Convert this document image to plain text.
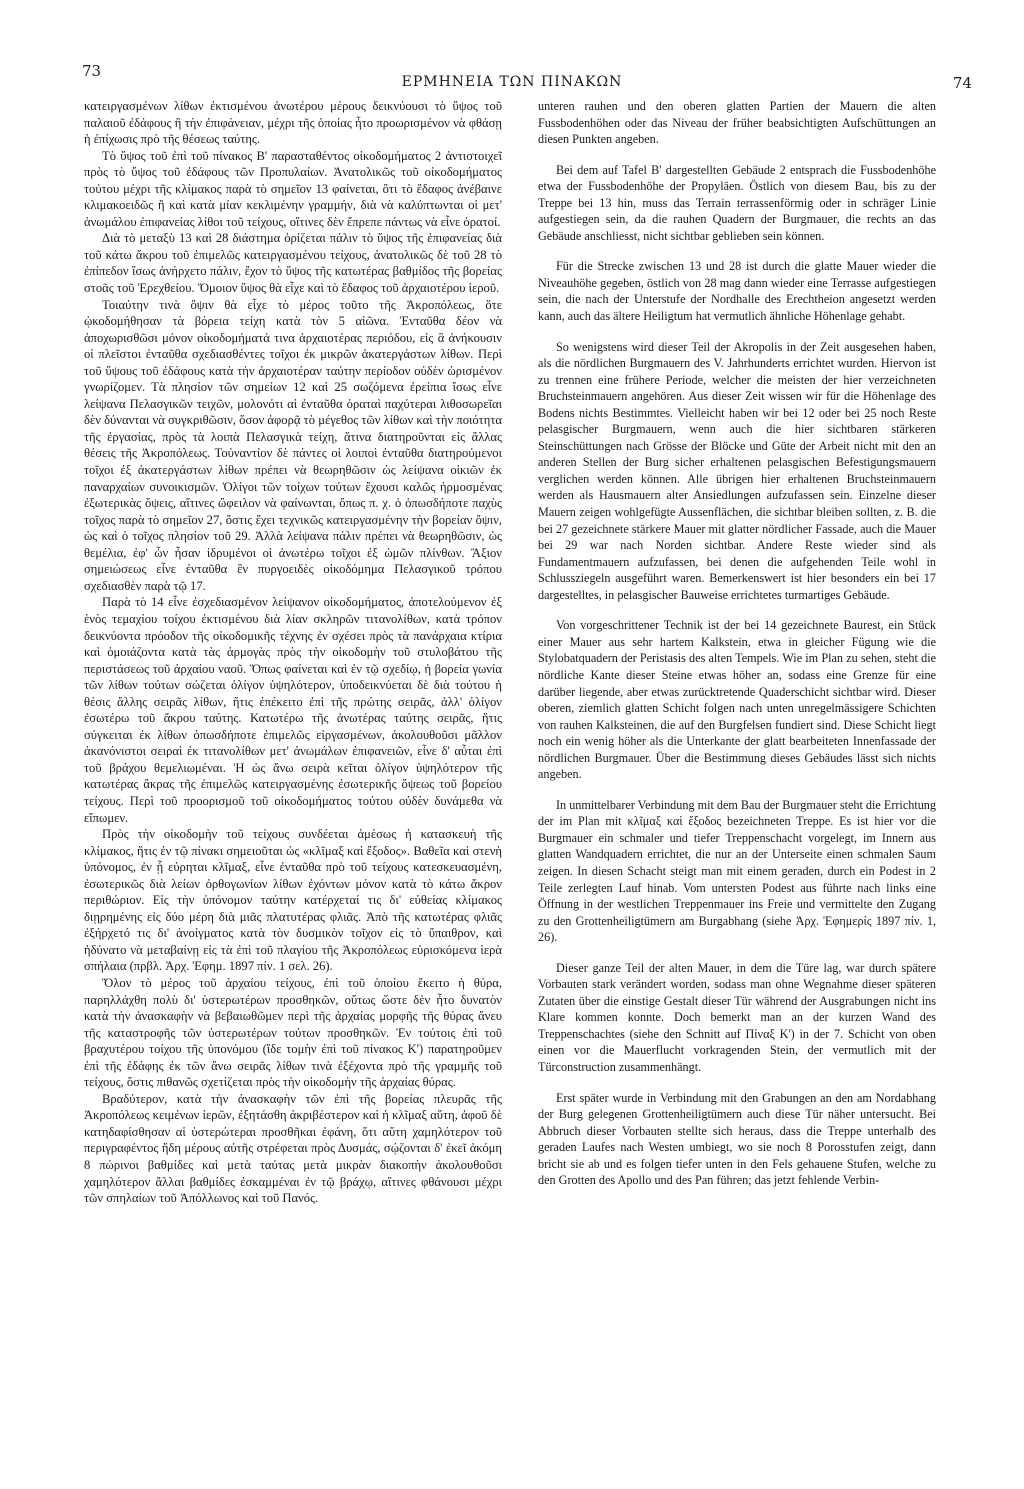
73
ΕΡΜΗΝΕΙΑ ΤΩΝ ΠΙΝΑΚΩΝ	74

κατειργασμένων λίθων ἐκτισμένου ἀνωτέρου μέρους δεικνύουσι τὸ ὕψος τοῦ παλαιοῦ ἐδάφους ἢ τὴν ἐπιφάνειαν, μέχρι τῆς ὁποίας ἦτο προωρισμένον νὰ φθάσῃ ἡ ἐπίχωσις πρὸ τῆς θέσεως ταύτης.

Τὸ ὕψος τοῦ ἐπὶ τοῦ πίνακος Β' παρασταθέντος οἰκοδομήματος 2 ἀντιστοιχεῖ πρὸς τὸ ὕψος τοῦ ἐδάφους τῶν Προπυλαίων. Ἀνατολικῶς τοῦ οἰκοδομήματος τούτου μέχρι τῆς κλίμακος παρὰ τὸ σημεῖον 13 φαίνεται, ὅτι τὸ ἔδαφος ἀνέβαινε κλιμακοειδῶς ἢ καὶ κατὰ μίαν κεκλιμένην γραμμήν, διὰ νὰ καλύπτωνται οἱ μετ' ἀνωμάλου ἐπιφανείας λίθοι τοῦ τείχους, οἵτινες δὲν ἔπρεπε πάντως νὰ εἶνε ὁρατοί.

Διὰ τὸ μεταξὺ 13 καὶ 28 διάστημα ὁρίζεται πάλιν τὸ ὕψος τῆς ἐπιφανείας διὰ τοῦ κάτω ἄκρου τοῦ ἐπιμελῶς κατειργασμένου τείχους, ἀνατολικῶς δὲ τοῦ 28 τὸ ἐπίπεδον ἴσως ἀνήρχετο πάλιν, ἔχον τὸ ὕψος τῆς κατωτέρας βαθμίδος τῆς βορείας στοᾶς τοῦ Ἐρεχθείου. Ὅμοιον ὕψος θὰ εἶχε καὶ τὸ ἔδαφος τοῦ ἀρχαιοτέρου ἱεροῦ.

Τοιαύτην τινὰ ὄψιν θὰ εἶχε τὸ μέρος τοῦτο τῆς Ἀκροπόλεως, ὅτε ᾠκοδομήθησαν τὰ βόρεια τείχη κατὰ τὸν 5 αἰῶνα. Ἐνταῦθα δέον νὰ ἀποχωρισθῶσι μόνον οἰκοδομήματά τινα ἀρχαιοτέρας περιόδου, εἰς ἃ ἀνήκουσιν οἱ πλεῖστοι ἐνταῦθα σχεδιασθέντες τοῖχοι ἐκ μικρῶν ἀκατεργάστων λίθων. Περὶ τοῦ ὕψους τοῦ ἐδάφους κατὰ τὴν ἀρχαιοτέραν ταύτην περίοδον οὐδὲν ὡρισμένον γνωρίζομεν. Τὰ πλησίον τῶν σημείων 12 καὶ 25 σωζόμενα ἐρείπια ἴσως εἶνε λείψανα Πελασγικῶν τειχῶν, μολονότι αἱ ἐνταῦθα ὁραταὶ παχύτεραι λιθοσωρεῖαι δὲν δύνανται νὰ συγκριθῶσιν, ὅσον ἀφορᾷ τὸ μέγεθος τῶν λίθων καὶ τὴν ποιότητα τῆς ἐργασίας, πρὸς τὰ λοιπὰ Πελασγικὰ τείχη, ἅτινα διατηροῦνται εἰς ἄλλας θέσεις τῆς Ἀκροπόλεως. Τοὐναντίον δὲ πάντες οἱ λοιποὶ ἐνταῦθα διατηρούμενοι τοῖχοι ἐξ ἀκατεργάστων λίθων πρέπει νὰ θεωρηθῶσιν ὡς λείψανα οἰκιῶν ἐκ παναρχαίων συνοικισμῶν. Ὀλίγοι τῶν τοίχων τούτων ἔχουσι καλῶς ἡρμοσμένας ἐξωτερικὰς ὄψεις, αἵτινες ὤφειλον νὰ φαίνωνται, ὅπως π. χ. ὁ ὁπωσδήποτε παχὺς τοῖχος παρὰ τὸ σημεῖον 27, ὅστις ἔχει τεχνικῶς κατειργασμένην τὴν βορείαν ὄψιν, ὡς καὶ ὁ τοῖχος πλησίον τοῦ 29. Ἀλλὰ λείψανα πάλιν πρέπει νὰ θεωρηθῶσιν, ὡς θεμέλια, ἐφ' ὧν ἦσαν ἱδρυμένοι οἱ ἀνωτέρω τοῖχοι ἐξ ὠμῶν πλίνθων. Ἄξιον σημειώσεως εἶνε ἐνταῦθα ἓν πυργοειδὲς οἰκοδόμημα Πελασγικοῦ τρόπου σχεδιασθὲν παρὰ τῷ 17.

Παρὰ τὸ 14 εἶνε ἐσχεδιασμένον λείψανον οἰκοδομήματος, ἀποτελούμενον ἐξ ἑνὸς τεμαχίου τοίχου ἐκτισμένου διὰ λίαν σκληρῶν τιτανολίθων, κατὰ τρόπον δεικνύοντα πρόοδον τῆς οἰκοδομικῆς τέχνης ἐν σχέσει πρὸς τὰ πανάρχαια κτίρια καὶ ὁμοιάζοντα κατὰ τὰς ἁρμογὰς πρὸς τὴν οἰκοδομὴν τοῦ στυλοβάτου τῆς περιστάσεως τοῦ ἀρχαίου ναοῦ. Ὅπως φαίνεται καὶ ἐν τῷ σχεδίῳ, ἡ βορεία γωνία τῶν λίθων τούτων σώζεται ὀλίγον ὑψηλότερον, ὑποδεικνύεται δὲ διὰ τούτου ἡ θέσις ἄλλης σειρᾶς λίθων, ἥτις ἐπέκειτο ἐπὶ τῆς πρώτης σειρᾶς, ἀλλ' ὀλίγον ἐσωτέρω τοῦ ἄκρου ταύτης. Κατωτέρω τῆς ἀνωτέρας ταύτης σειρᾶς, ἥτις σύγκειται ἐκ λίθων ὁπωσδήποτε ἐπιμελῶς εἰργασμένων, ἀκολουθοῦσι μᾶλλον ἀκανόνιστοι σειραὶ ἐκ τιτανολίθων μετ' ἀνωμάλων ἐπιφανειῶν, εἶνε δ' αὗται ἐπὶ τοῦ βράχου θεμελιωμέναι. Ἡ ὡς ἄνω σειρὰ κεῖται ὀλίγον ὑψηλότερον τῆς κατωτέρας ἄκρας τῆς ἐπιμελῶς κατειργασμένης ἐσωτερικῆς ὄψεως τοῦ βορείου τείχους. Περὶ τοῦ προορισμοῦ τοῦ οἰκοδομήματος τούτου οὐδὲν δυνάμεθα νὰ εἴπωμεν.

Πρὸς τὴν οἰκοδομὴν τοῦ τείχους συνδέεται ἀμέσως ἡ κατασκευὴ τῆς κλίμακος, ἥτις ἐν τῷ πίνακι σημειοῦται ὡς «κλῖμαξ καὶ ἔξοδος». Βαθεῖα καὶ στενὴ ὑπόνομος, ἐν ᾗ εὑρηται κλῖμαξ, εἶνε ἐνταῦθα πρὸ τοῦ τείχους κατεσκευασμένη, ἐσωτερικῶς διὰ λείων ὀρθογωνίων λίθων ἐχόντων μόνον κατὰ τὸ κάτω ἄκρον περιθώριον. Εἰς τὴν ὑπόνομον ταύτην κατέρχεταί τις δι' εὐθείας κλίμακος διῃρημένης εἰς δύο μέρη διὰ μιᾶς πλατυτέρας φλιᾶς. Ἀπὸ τῆς κατωτέρας φλιᾶς ἐξήρχετό τις δι' ἀνοίγματος κατὰ τὸν δυσμικὸν τοῖχον εἰς τὸ ὕπαιθρον, καὶ ἠδύνατο νὰ μεταβαίνῃ εἰς τὰ ἐπὶ τοῦ πλαγίου τῆς Ἀκροπόλεως εὑρισκόμενα ἱερὰ σπήλαια (πρβλ. Ἀρχ. Ἐφημ. 1897 πίν. 1 σελ. 26).

Ὅλον τὸ μέρος τοῦ ἀρχαίου τείχους, ἐπὶ τοῦ ὁποίου ἔκειτο ἡ θύρα, παρηλλάχθη πολὺ δι' ὑστερωτέρων προσθηκῶν, οὕτως ὥστε δὲν ἦτο δυνατὸν κατὰ τὴν ἀνασκαφὴν νὰ βεβαιωθῶμεν περὶ τῆς ἀρχαίας μορφῆς τῆς θύρας ἄνευ τῆς καταστροφῆς τῶν ὑστερωτέρων τούτων προσθηκῶν. Ἐν τούτοις ἐπὶ τοῦ βραχυτέρου τοίχου τῆς ὑπονόμου (ἴδε τομὴν ἐπὶ τοῦ πίνακος Κ') παρατηροῦμεν ἐπὶ τῆς ἐδάφης ἐκ τῶν ἄνω σειρᾶς λίθων τινὰ ἐξέχοντα πρὸ τῆς γραμμῆς τοῦ τείχους, ὅστις πιθανῶς σχετίζεται πρὸς τὴν οἰκοδομὴν τῆς ἀρχαίας θύρας.

Βραδύτερον, κατὰ τὴν ἀνασκαφὴν τῶν ἐπὶ τῆς βορείας πλευρᾶς τῆς Ἀκροπόλεως κειμένων ἱερῶν, ἐξητάσθη ἀκριβέστερον καὶ ἡ κλῖμαξ αὕτη, ἀφοῦ δὲ κατηδαφίσθησαν αἱ ὑστερώτεραι προσθῆκαι ἐφάνη, ὅτι αὕτη χαμηλότερον τοῦ περιγραφέντος ἤδη μέρους αὐτῆς στρέφεται πρὸς Δυσμάς, σῴζονται δ' ἐκεῖ ἀκόμη 8 πώρινοι βαθμίδες καὶ μετὰ ταύτας μετὰ μικρὰν διακοπὴν ἀκολουθοῦσι χαμηλότερον ἄλλαι βαθμίδες ἐσκαμμέναι ἐν τῷ βράχῳ, αἵτινες φθάνουσι μέχρι τῶν σπηλαίων τοῦ Ἀπόλλωνος καὶ τοῦ Πανός.

unteren rauhen und den oberen glatten Partien der Mauern die alten Fussbodenhöhen oder das Niveau der früher beabsichtigten Aufschüttungen an diesen Punkten angeben.

Bei dem auf Tafel B' dargestellten Gebäude 2 entsprach die Fussbodenhöhe etwa der Fussbodenhöhe der Propyläen. Östlich von diesem Bau, bis zu der Treppe bei 13 hin, muss das Terrain terrassenförmig oder in schräger Linie aufgestiegen sein, da die rauhen Quadern der Burgmauer, die rechts an das Gebäude anschliesst, nicht sichtbar geblieben sein können.

Für die Strecke zwischen 13 und 28 ist durch die glatte Mauer wieder die Niveauhöhe gegeben, östlich von 28 mag dann wieder eine Terrasse aufgestiegen sein, die nach der Unterstufe der Nordhalle des Erechtheion angesetzt werden kann, auch das ältere Heiligtum hat vermutlich ähnliche Höhenlage gehabt.

So wenigstens wird dieser Teil der Akropolis in der Zeit ausgesehen haben, als die nördlichen Burgmauern des V. Jahrhunderts errichtet wurden. Hiervon ist zu trennen eine frühere Periode, welcher die meisten der hier verzeichneten Bruchsteinmauern angehören. Aus dieser Zeit wissen wir für die Höhenlage des Bodens nichts Bestimmtes. Vielleicht haben wir bei 12 oder bei 25 noch Reste pelasgischer Burgmauern, wenn auch die hier sichtbaren stärkeren Steinschüttungen nach Grösse der Blöcke und Güte der Arbeit nicht mit den an anderen Stellen der Burg sicher erhaltenen pelasgischen Befestigungsmauern verglichen werden können. Alle übrigen hier erhaltenen Bruchsteinmauern werden als Hausmauern alter Ansiedlungen aufzufassen sein. Einzelne dieser Mauern zeigen wohlgefügte Aussenflächen, die sichtbar bleiben sollten, z. B. die bei 27 gezeichnete stärkere Mauer mit glatter nördlicher Fassade, auch die Mauer bei 29 war nach Norden sichtbar. Andere Reste wieder sind als Fundamentmauern aufzufassen, bei denen die aufgehenden Teile wohl in Schlussziegeln ausgeführt waren. Bemerkenswert ist hier besonders ein bei 17 dargestelltes, in pelasgischer Bauweise errichtetes turmartiges Gebäude.

Von vorgeschrittener Technik ist der bei 14 gezeichnete Baurest, ein Stück einer Mauer aus sehr hartem Kalkstein, etwa in gleicher Fügung wie die Stylobatquadern der Peristasis des alten Tempels. Wie im Plan zu sehen, steht die nördliche Kante dieser Steine etwas höher an, sodass eine Grenze für eine darüber liegende, aber etwas zurücktretende Quaderschicht sichtbar wird. Dieser oberen, ziemlich glatten Schicht folgen nach unten unregelmässigere Schichten von rauhen Kalksteinen, die auf den Burgfelsen fundiert sind. Diese Schicht liegt noch ein wenig höher als die Unterkante der glatt bearbeiteten Innenfassade der nördlichen Burgmauer. Über die Bestimmung dieses Gebäudes lässt sich nichts angeben.

In unmittelbarer Verbindung mit dem Bau der Burgmauer steht die Errichtung der im Plan mit κλῖμαξ καὶ ἔξοδος bezeichneten Treppe. Es ist hier vor die Burgmauer ein schmaler und tiefer Treppenschacht vorgelegt, im Innern aus glatten Wandquadern errichtet, die nur an der Unterseite einen schmalen Saum zeigen. In diesen Schacht steigt man mit einem geraden, durch ein Podest in 2 Teile zerlegten Lauf hinab. Vom untersten Podest aus führte nach links eine Öffnung in der westlichen Treppenmauer ins Freie und vermittelte den Zugang zu den Grottenheiligtümern am Burgabhang (siehe Ἀρχ. Ἐφημερίς 1897 πίν. 1, 26).

Dieser ganze Teil der alten Mauer, in dem die Türe lag, war durch spätere Vorbauten stark verändert worden, sodass man ohne Wegnahme dieser späteren Zutaten über die einstige Gestalt dieser Tür während der Ausgrabungen nicht ins Klare kommen konnte. Doch bemerkt man an der kurzen Wand des Treppenschachtes (siehe den Schnitt auf Πίναξ Κ') in der 7. Schicht von oben einen vor die Mauerflucht vorkragenden Stein, der vermutlich mit der Türconstruction zusammenhängt.

Erst später wurde in Verbindung mit den Grabungen an den am Nordabhang der Burg gelegenen Grottenheiligtümern auch diese Tür näher untersucht. Bei Abbruch dieser Vorbauten stellte sich heraus, dass die Treppe unterhalb des geraden Laufes nach Westen umbiegt, wo sie noch 8 Porosstufen zeigt, dann bricht sie ab und es folgen tiefer unten in den Fels gehauene Stufen, welche zu den Grotten des Apollo und des Pan führen; das jetzt fehlende Verbin-
